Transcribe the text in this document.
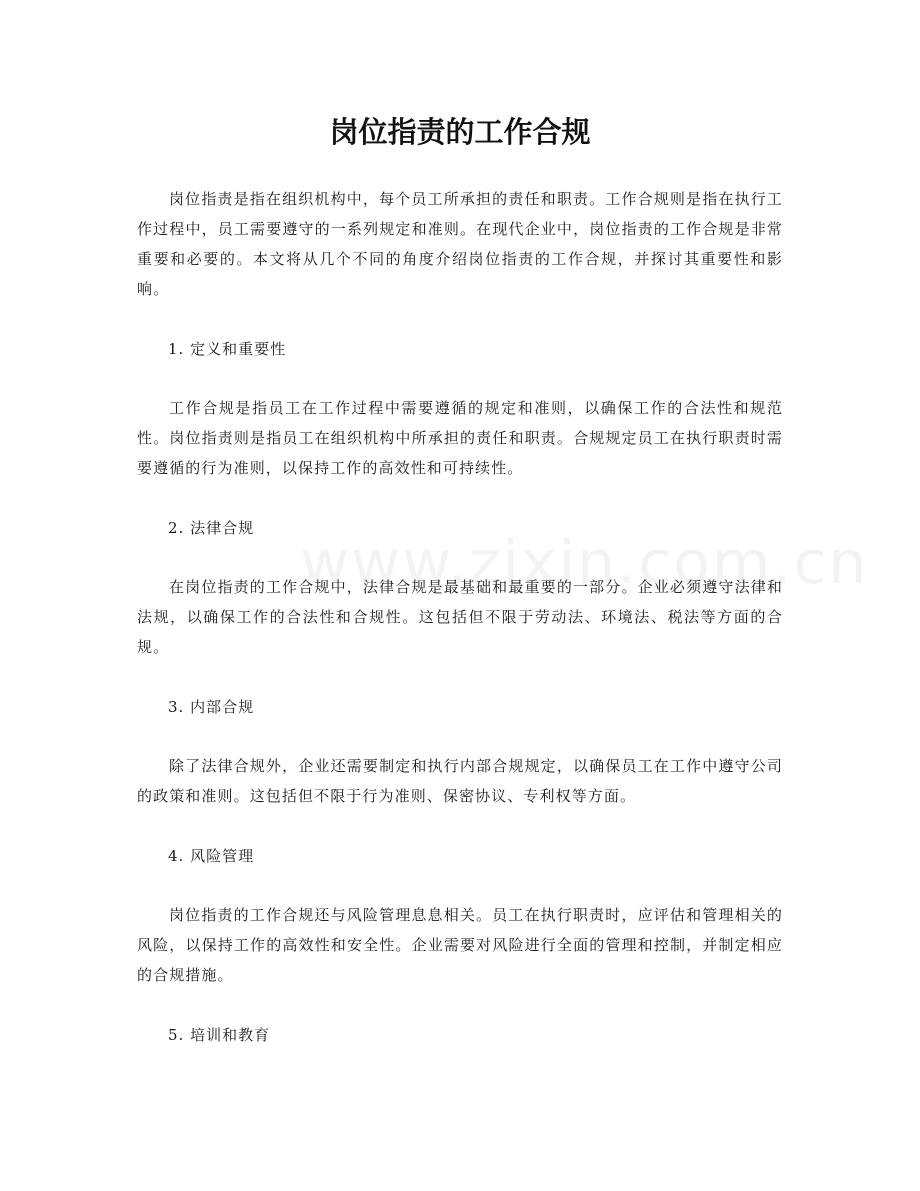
岗位指责的工作合规

岗位指责是指在组织机构中，每个员工所承担的责任和职责。工作合规则是指在执行工作过程中，员工需要遵守的一系列规定和准则。在现代企业中，岗位指责的工作合规是非常重要和必要的。本文将从几个不同的角度介绍岗位指责的工作合规，并探讨其重要性和影响。

1. 定义和重要性

工作合规是指员工在工作过程中需要遵循的规定和准则，以确保工作的合法性和规范性。岗位指责则是指员工在组织机构中所承担的责任和职责。合规规定员工在执行职责时需要遵循的行为准则，以保持工作的高效性和可持续性。

2. 法律合规

在岗位指责的工作合规中，法律合规是最基础和最重要的一部分。企业必须遵守法律和法规，以确保工作的合法性和合规性。这包括但不限于劳动法、环境法、税法等方面的合规。

3. 内部合规

除了法律合规外，企业还需要制定和执行内部合规规定，以确保员工在工作中遵守公司的政策和准则。这包括但不限于行为准则、保密协议、专利权等方面。

4. 风险管理

岗位指责的工作合规还与风险管理息息相关。员工在执行职责时，应评估和管理相关的风险，以保持工作的高效性和安全性。企业需要对风险进行全面的管理和控制，并制定相应的合规措施。

5. 培训和教育
